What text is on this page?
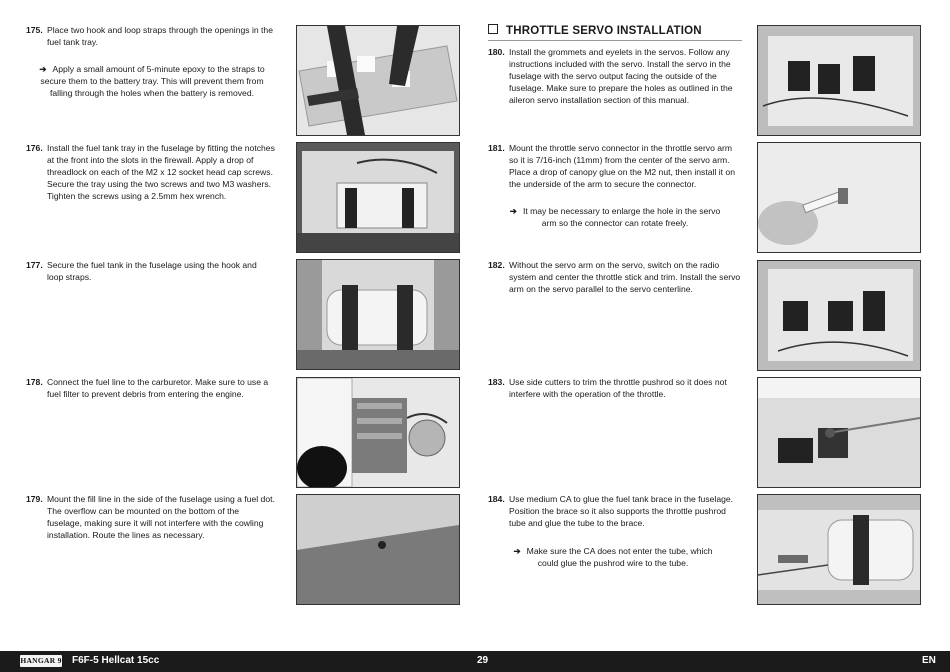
175. Place two hook and loop straps through the openings in the fuel tank tray.
➔ Apply a small amount of 5-minute epoxy to the straps to secure them to the battery tray. This will prevent them from falling through the holes when the battery is removed.
176. Install the fuel tank tray in the fuselage by fitting the notches at the front into the slots in the firewall. Apply a drop of threadlock on each of the M2 x 12 socket head cap screws. Secure the tray using the two screws and two M3 washers. Tighten the screws using a 2.5mm hex wrench.
177. Secure the fuel tank in the fuselage using the hook and loop straps.
178. Connect the fuel line to the carburetor. Make sure to use a fuel filter to prevent debris from entering the engine.
179. Mount the fill line in the side of the fuselage using a fuel dot. The overflow can be mounted on the bottom of the fuselage, making sure it will not interfere with the cowling installation. Route the lines as necessary.
THROTTLE SERVO INSTALLATION
180. Install the grommets and eyelets in the servos. Follow any instructions included with the servo. Install the servo in the fuselage with the servo output facing the outside of the fuselage. Make sure to prepare the holes as outlined in the aileron servo installation section of this manual.
181. Mount the throttle servo connector in the throttle servo arm so it is 7/16-inch (11mm) from the center of the servo arm. Place a drop of canopy glue on the M2 nut, then install it on the underside of the arm to secure the connector.
➔ It may be necessary to enlarge the hole in the servo arm so the connector can rotate freely.
182. Without the servo arm on the servo, switch on the radio system and center the throttle stick and trim. Install the servo arm on the servo parallel to the servo centerline.
183. Use side cutters to trim the throttle pushrod so it does not interfere with the operation of the throttle.
184. Use medium CA to glue the fuel tank brace in the fuselage. Position the brace so it also supports the throttle pushrod tube and glue the tube to the brace.
➔ Make sure the CA does not enter the tube, which could glue the pushrod wire to the tube.
HANGAR 9 F6F-5 Hellcat 15cc	29	EN
